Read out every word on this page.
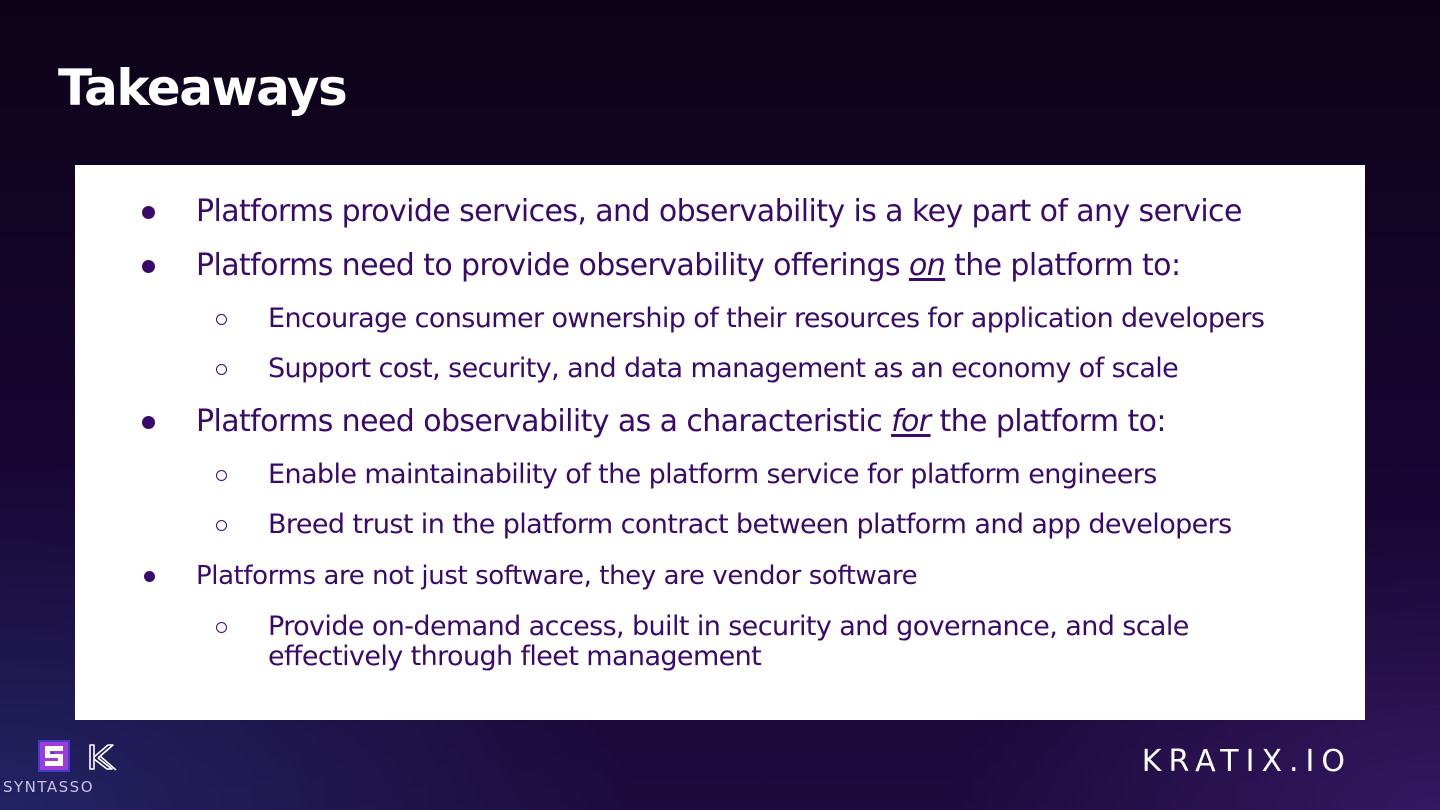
Takeaways

Platforms provide services, and observability is a key part of any service

Platforms need to provide observability offerings on the platform to:

Encourage consumer ownership of their resources for application developers

Support cost, security, and data management as an economy of scale

Platforms need observability as a characteristic for the platform to:

Enable maintainability of the platform service for platform engineers

Breed trust in the platform contract between platform and app developers

Platforms are not just software, they are vendor software

Provide on-demand access, built in security and governance, and scale

effectively through fleet management

SYNTASSO

KRATIX.IO
